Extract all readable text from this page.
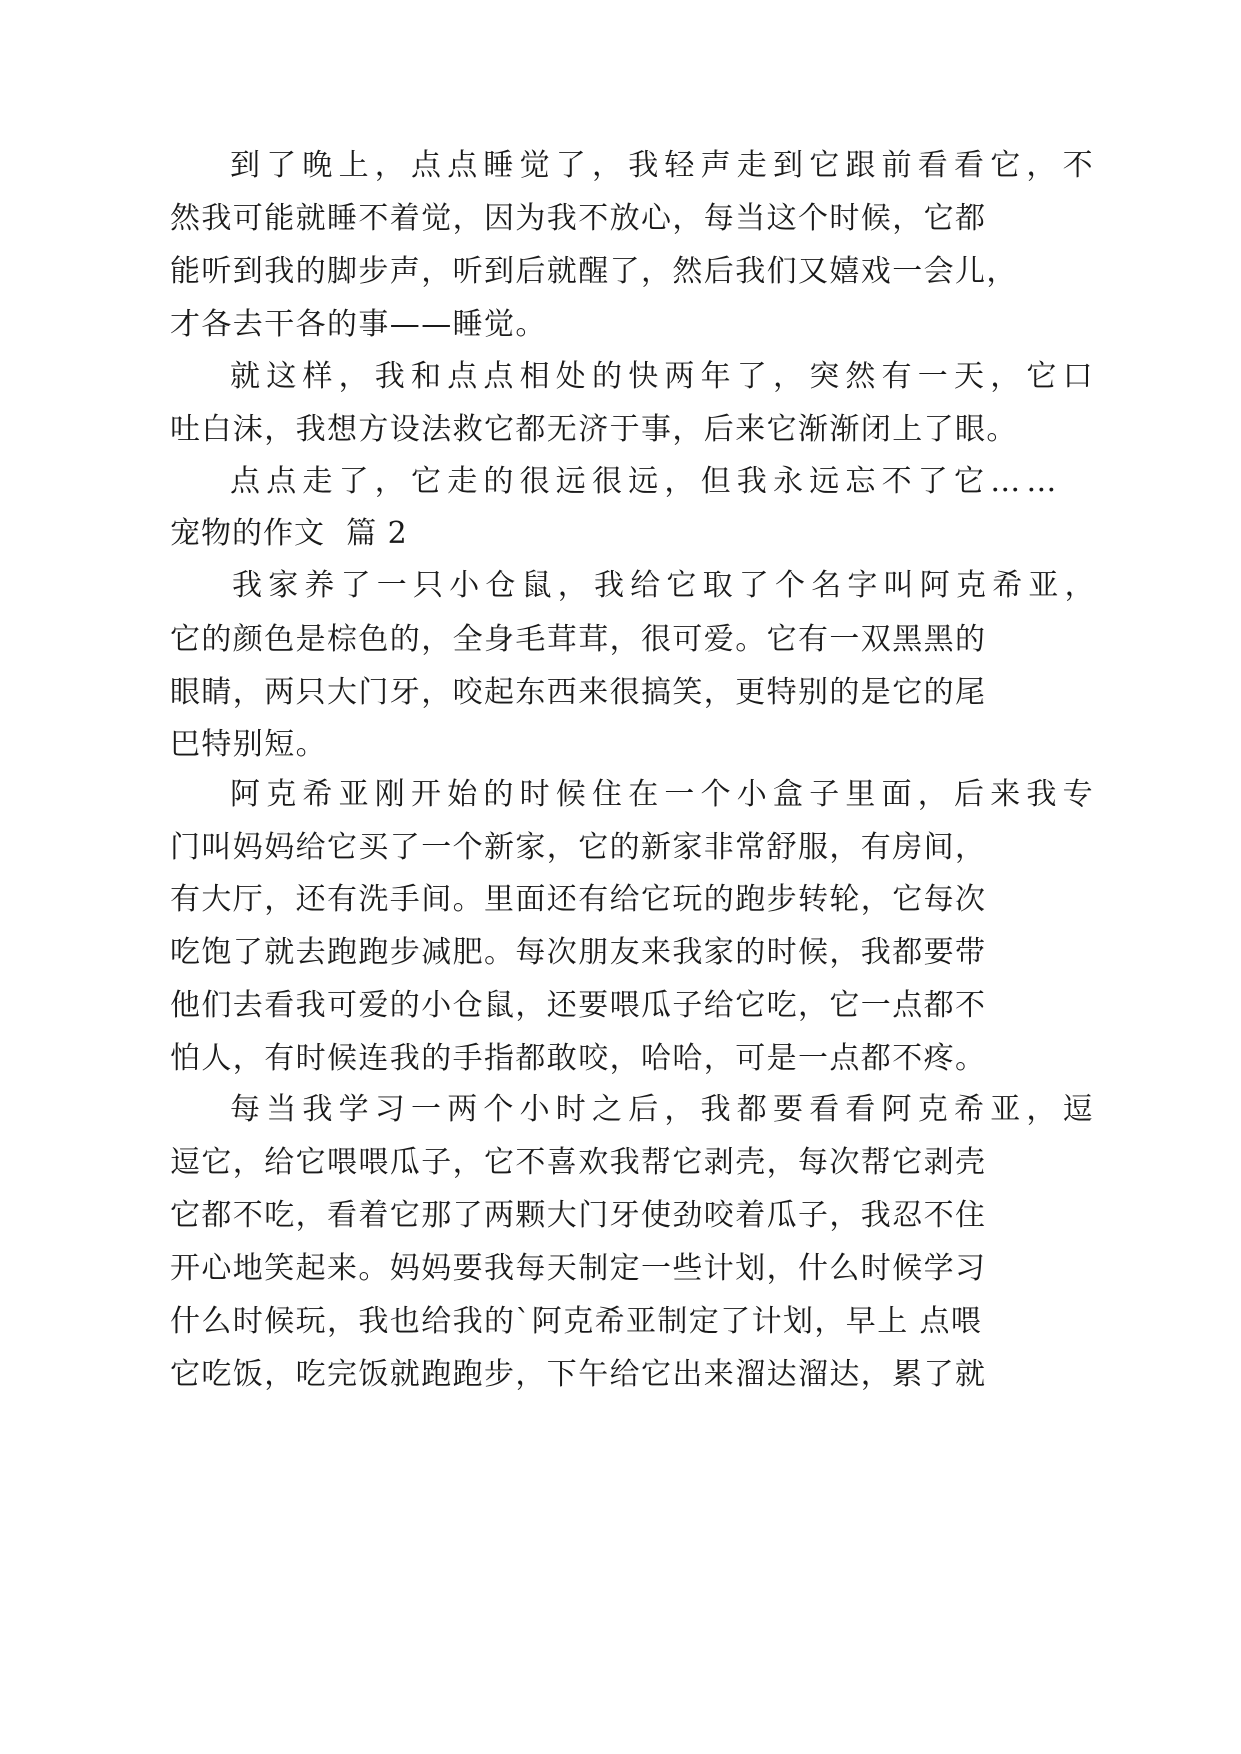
到了晚上，点点睡觉了，我轻声走到它跟前看看它，不
然我可能就睡不着觉，因为我不放心，每当这个时候，它都
能听到我的脚步声，听到后就醒了，然后我们又嬉戏一会儿，
才各去干各的事——睡觉。
就这样，我和点点相处的快两年了，突然有一天，它口
吐白沫，我想方设法救它都无济于事，后来它渐渐闭上了眼。
点点走了，它走的很远很远，但我永远忘不了它……
宠物的作文  篇 2
我家养了一只小仓鼠，我给它取了个名字叫阿克希亚，
它的颜色是棕色的，全身毛茸茸，很可爱。它有一双黑黑的
眼睛，两只大门牙，咬起东西来很搞笑，更特别的是它的尾
巴特别短。
阿克希亚刚开始的时候住在一个小盒子里面，后来我专
门叫妈妈给它买了一个新家，它的新家非常舒服，有房间，
有大厅，还有洗手间。里面还有给它玩的跑步转轮，它每次
吃饱了就去跑跑步减肥。每次朋友来我家的时候，我都要带
他们去看我可爱的小仓鼠，还要喂瓜子给它吃，它一点都不
怕人，有时候连我的手指都敢咬，哈哈，可是一点都不疼。
每当我学习一两个小时之后，我都要看看阿克希亚，逗
逗它，给它喂喂瓜子，它不喜欢我帮它剥壳，每次帮它剥壳
它都不吃，看着它那了两颗大门牙使劲咬着瓜子，我忍不住
开心地笑起来。妈妈要我每天制定一些计划，什么时候学习
什么时候玩，我也给我的`阿克希亚制定了计划，早上 点喂
它吃饭，吃完饭就跑跑步，下午给它出来溜达溜达，累了就
